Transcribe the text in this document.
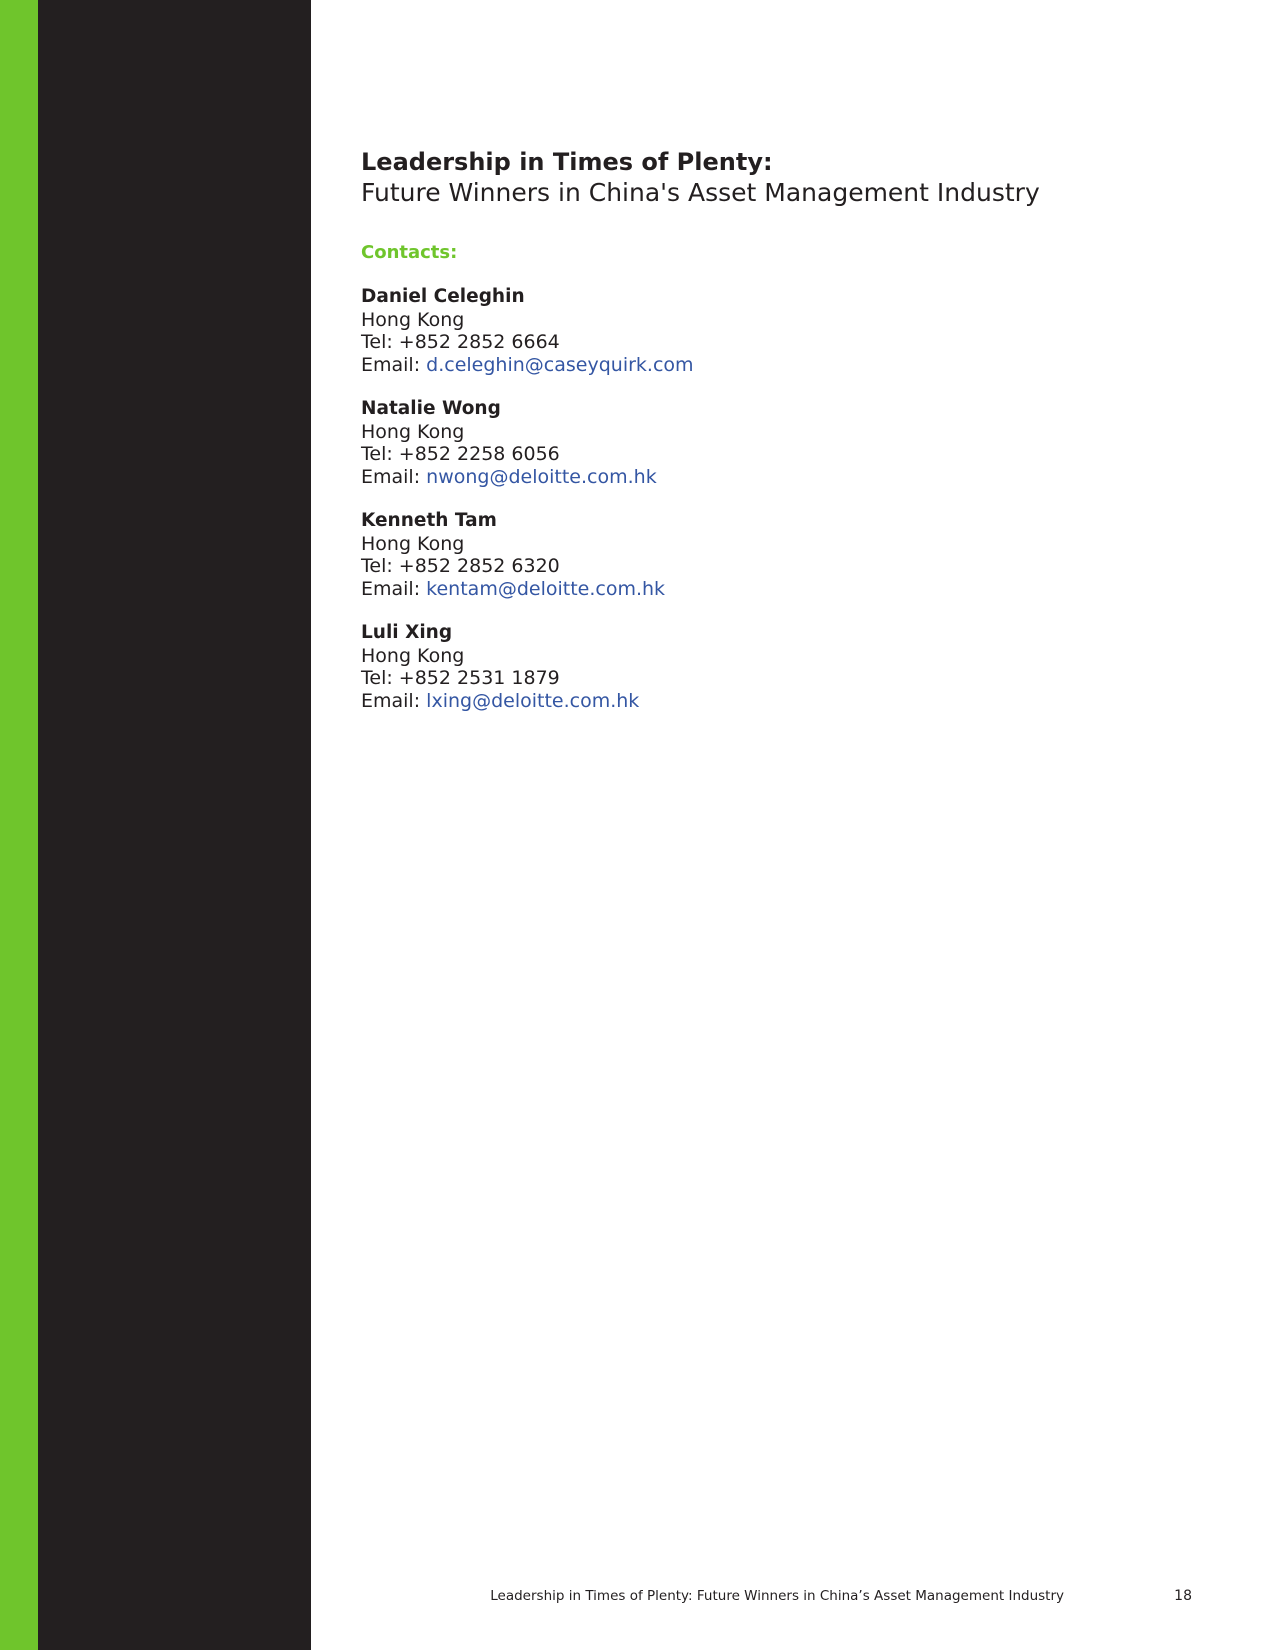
Leadership in Times of Plenty:
Future Winners in China's Asset Management Industry
Contacts:
Daniel Celeghin
Hong Kong
Tel: +852 2852 6664
Email: d.celeghin@caseyquirk.com
Natalie Wong
Hong Kong
Tel: +852 2258 6056
Email: nwong@deloitte.com.hk
Kenneth Tam
Hong Kong
Tel: +852 2852 6320
Email: kentam@deloitte.com.hk
Luli Xing
Hong Kong
Tel: +852 2531 1879
Email: lxing@deloitte.com.hk
Leadership in Times of Plenty: Future Winners in China’s Asset Management Industry	18
